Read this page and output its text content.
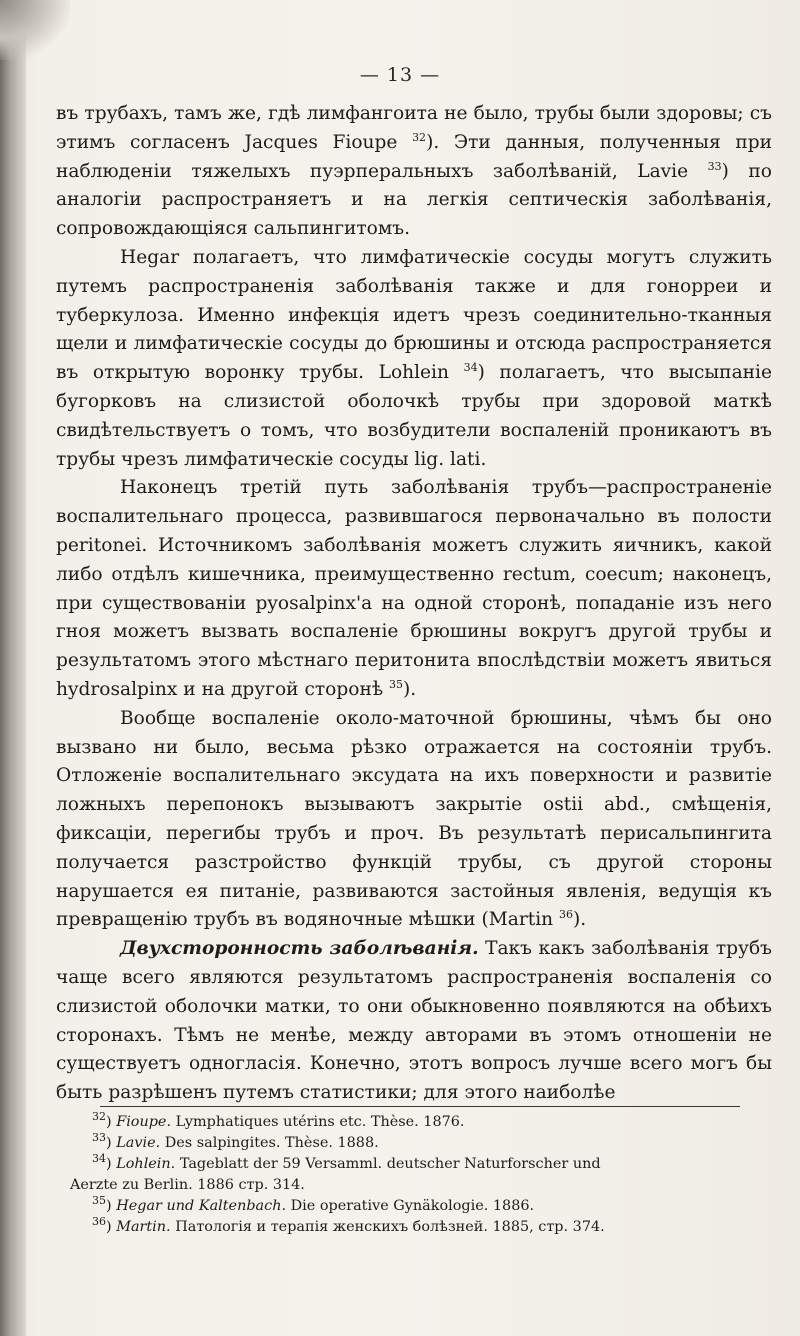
— 13 —

въ трубахъ, тамъ же, гдѣ лимфангоита не было, трубы были здоровы; съ этимъ согласенъ Jacques Fiоupe $^{32}$). Эти данныя, полученныя при наблюденіи тяжелыхъ пуэрперальныхъ заболѣваній, Lavie $^{33}$) по аналогіи распространяетъ и на легкія септическія заболѣванія, сопровождающіяся сальпингитомъ.

Hegar полагаетъ, что лимфатическіе сосуды могутъ служить путемъ распространенія заболѣванія также и для гонорреи и туберкулоза. Именно инфекція идетъ чрезъ соединительно-тканныя щели и лимфатическіе сосуды до брюшины и отсюда распространяется въ открытую воронку трубы. Lohlein $^{34}$) полагаетъ, что высыпаніе бугорковъ на слизистой оболочкѣ трубы при здоровой маткѣ свидѣтельствуетъ о томъ, что возбудители воспаленій проникаютъ въ трубы чрезъ лимфатическіе сосуды lig. lati.

Наконецъ третій путь заболѣванія трубъ—распространеніе воспалительнаго процесса, развившагося первоначально въ полости peritonei. Источникомъ заболѣванія можетъ служить яичникъ, какой либо отдѣлъ кишечника, преимущественно rectum, coecum; наконецъ, при существованіи pyosalpinx'а на одной сторонѣ, попаданіе изъ него гноя можетъ вызвать воспаленіе брюшины вокругъ другой трубы и результатомъ этого мѣстнаго перитонита впослѣдствіи можетъ явиться hydrosalpinx и на другой сторонѣ $^{35}$).

Вообще воспаленіе около-маточной брюшины, чѣмъ бы оно вызвано ни было, весьма рѣзко отражается на состояніи трубъ. Отложеніе воспалительнаго эксудата на ихъ поверхности и развитіе ложныхъ перепонокъ вызываютъ закрытіе ostii abd., смѣщенія, фиксаціи, перегибы трубъ и проч. Въ результатѣ перисальпингита получается разстройство функцій трубы, съ другой стороны нарушается ея питаніе, развиваются застойныя явленія, ведущія къ превращенію трубъ въ водяночные мѣшки (Martin $^{36}$).

Двухсторонность заболѣванія. Такъ какъ заболѣванія трубъ чаще всего являются результатомъ распространенія воспаленія со слизистой оболочки матки, то они обыкновенно появляются на обѣихъ сторонахъ. Тѣмъ не менѣе, между авторами въ этомъ отношеніи не существуетъ одногласія. Конечно, этотъ вопросъ лучше всего могъ бы быть разрѣшенъ путемъ статистики; для этого наиболѣе

$^{32}$) Fiоupe. Lymphatiques utérins etc. Thèse. 1876.
$^{33}$) Lavie. Des salpingites. Thèse. 1888.
$^{34}$) Lohlein. Tageblatt der 59 Versamml. deutscher Naturforscher und
Aerzte zu Berlin. 1886 стр. 314.
$^{35}$) Hegar und Kaltenbach. Die operative Gynäkologie. 1886.
$^{36}$) Martin. Патологія и терапія женскихъ болѣзней. 1885, стр. 374.
